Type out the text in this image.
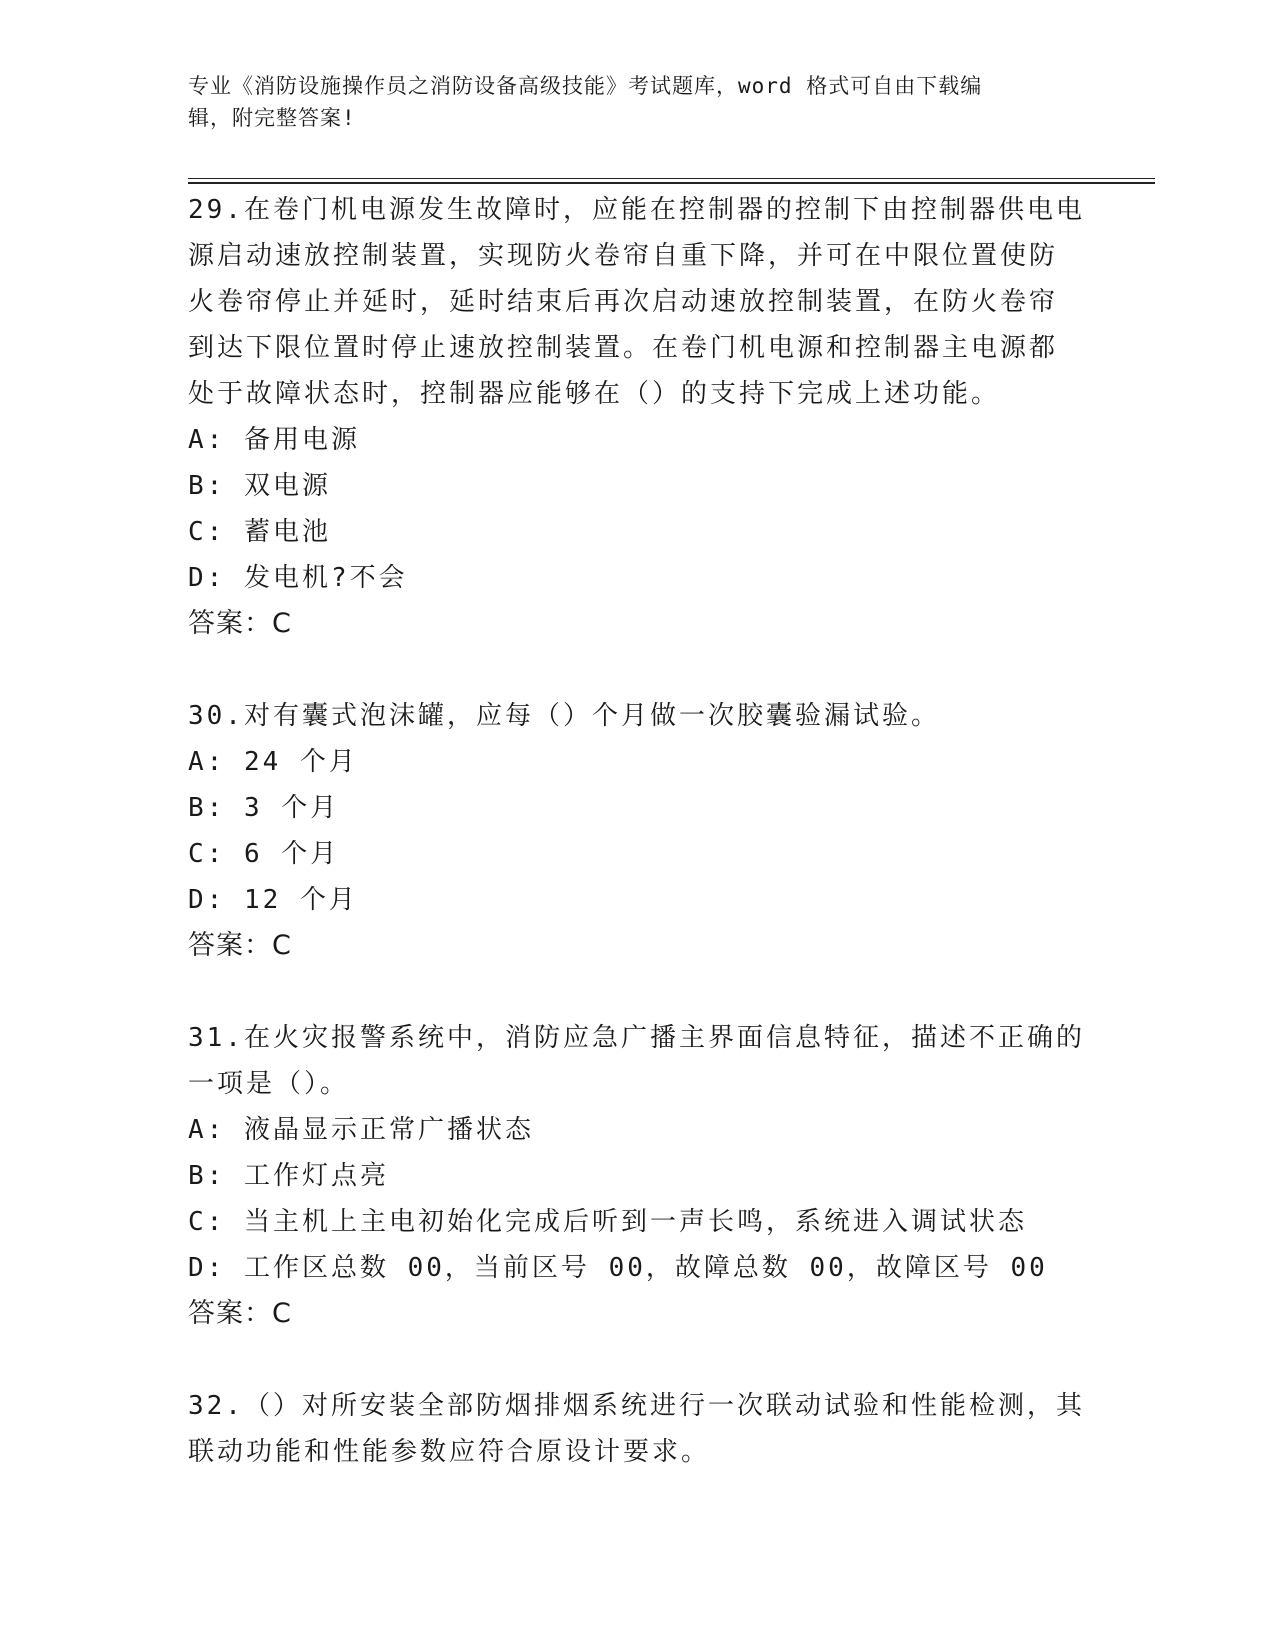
专业《消防设施操作员之消防设备高级技能》考试题库，word 格式可自由下载编
辑，附完整答案!
29.在卷门机电源发生故障时，应能在控制器的控制下由控制器供电电
源启动速放控制装置，实现防火卷帘自重下降，并可在中限位置使防
火卷帘停止并延时，延时结束后再次启动速放控制装置，在防火卷帘
到达下限位置时停止速放控制装置。在卷门机电源和控制器主电源都
处于故障状态时，控制器应能够在（）的支持下完成上述功能。
A: 备用电源
B: 双电源
C: 蓄电池
D: 发电机?不会
答案：C
30.对有囊式泡沫罐，应每（）个月做一次胶囊验漏试验。
A: 24 个月
B: 3 个月
C: 6 个月
D: 12 个月
答案：C
31.在火灾报警系统中，消防应急广播主界面信息特征，描述不正确的
一项是（）。
A: 液晶显示正常广播状态
B: 工作灯点亮
C: 当主机上主电初始化完成后听到一声长鸣，系统进入调试状态
D: 工作区总数 00，当前区号 00，故障总数 00，故障区号 00
答案：C
32.（）对所安装全部防烟排烟系统进行一次联动试验和性能检测，其
联动功能和性能参数应符合原设计要求。
